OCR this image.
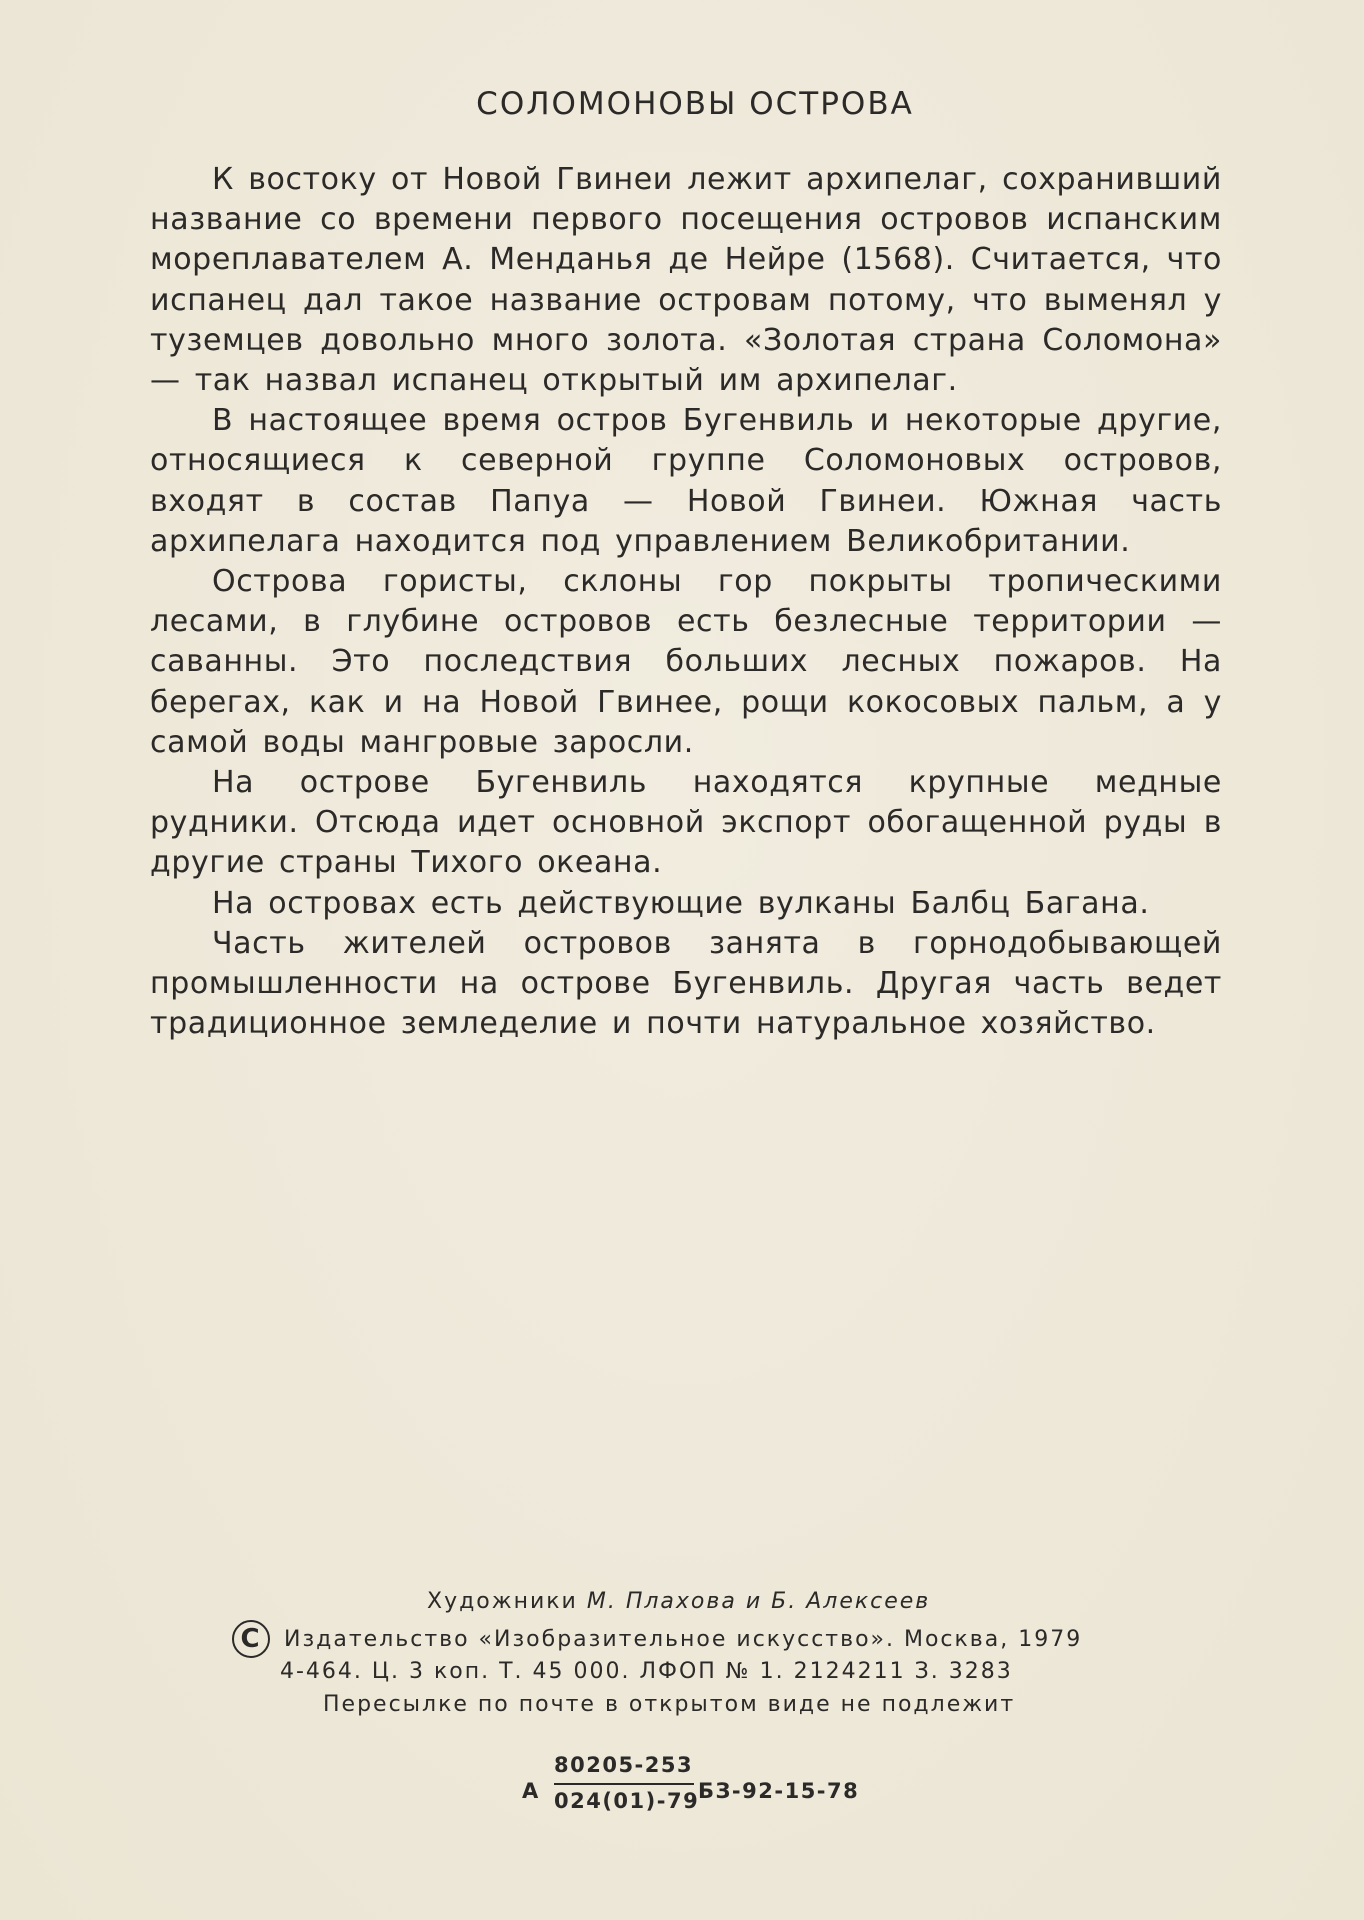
СОЛОМОНОВЫ ОСТРОВА

К востоку от Новой Гвинеи лежит архипелаг, сохранивший название со времени первого посещения островов испанским мореплавателем А. Менданья де Нейре (1568). Считается, что испанец дал такое название островам потому, что выменял у туземцев довольно много золота. «Золотая страна Соломона» — так назвал испанец открытый им архипелаг.

В настоящее время остров Бугенвиль и некоторые другие, относящиеся к северной группе Соломоновых островов, входят в состав Папуа — Новой Гвинеи. Южная часть архипелага находится под управлением Великобритании.

Острова гористы, склоны гор покрыты тропическими лесами, в глубине островов есть безлесные территории — саванны. Это последствия больших лесных пожаров. На берегах, как и на Новой Гвинее, рощи кокосовых пальм, а у самой воды мангровые заросли.

На острове Бугенвиль находятся крупные медные рудники. Отсюда идет основной экспорт обогащенной руды в другие страны Тихого океана.

На островах есть действующие вулканы Балбц Багана.

Часть жителей островов занята в горнодобывающей промышленности на острове Бугенвиль. Другая часть ведет традиционное земледелие и почти натуральное хозяйство.

Художники М. Плахова и Б. Алексеев
C	Издательство «Изобразительное искусство». Москва, 1979
4-464. Ц. 3 коп. Т. 45 000. ЛФОП № 1. 2124211 З. 3283
Пересылке по почте в открытом виде не подлежит
А
80205-253
024(01)-79
БЗ-92-15-78
